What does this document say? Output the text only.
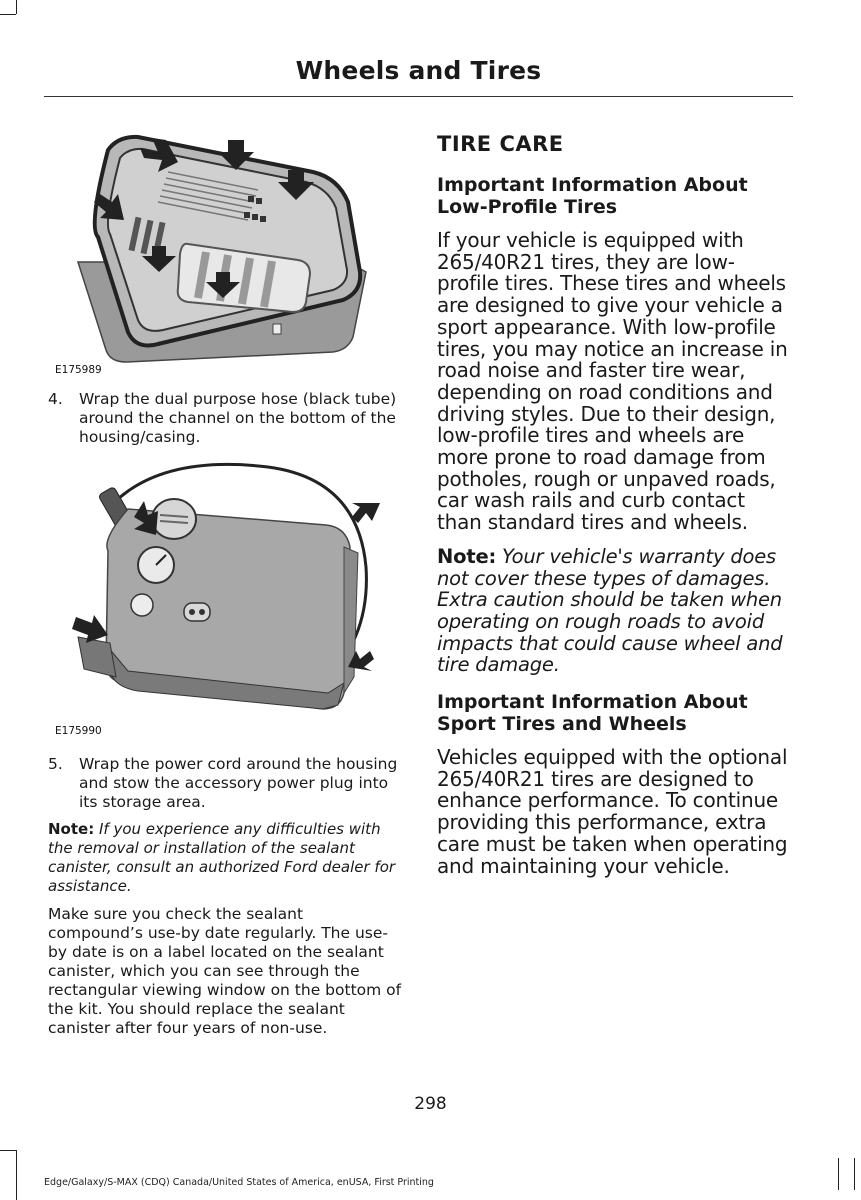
Wheels and Tires
E175989
4.	Wrap the dual purpose hose (black tube) around the channel on the bottom of the housing/casing.
E175990
5.	Wrap the power cord around the housing and stow the accessory power plug into its storage area.

Note: If you experience any difficulties with the removal or installation of the sealant canister, consult an authorized Ford dealer for assistance.

Make sure you check the sealant compound’s use-by date regularly. The use-by date is on a label located on the sealant canister, which you can see through the rectangular viewing window on the bottom of the kit. You should replace the sealant canister after four years of non-use.

TIRE CARE
Important Information About Low-Profile Tires

If your vehicle is equipped with 265/40R21 tires, they are low-profile tires. These tires and wheels are designed to give your vehicle a sport appearance. With low-profile tires, you may notice an increase in road noise and faster tire wear, depending on road conditions and driving styles. Due to their design, low-profile tires and wheels are more prone to road damage from potholes, rough or unpaved roads, car wash rails and curb contact than standard tires and wheels.

Note: Your vehicle's warranty does not cover these types of damages. Extra caution should be taken when operating on rough roads to avoid impacts that could cause wheel and tire damage.

Important Information About Sport Tires and Wheels

Vehicles equipped with the optional 265/40R21 tires are designed to enhance performance. To continue providing this performance, extra care must be taken when operating and maintaining your vehicle.

298
Edge/Galaxy/S-MAX (CDQ) Canada/United States of America, enUSA, First Printing
